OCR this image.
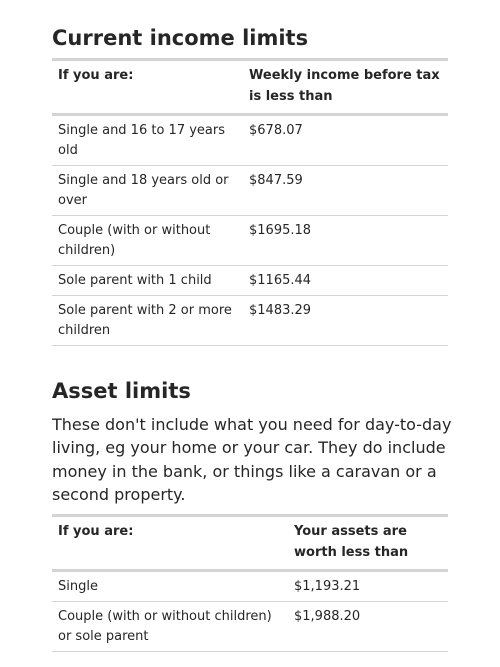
Current income limits
If you are:	Weekly income before tax is less than
Single and 16 to 17 years old	$678.07
Single and 18 years old or over	$847.59
Couple (with or without children)	$1695.18
Sole parent with 1 child	$1165.44
Sole parent with 2 or more children	$1483.29
Asset limits

These don't include what you need for day-to-day living, eg your home or your car. They do include money in the bank, or things like a caravan or a second property.

If you are:	Your assets are worth less than
Single	$1,193.21
Couple (with or without children) or sole parent	$1,988.20
